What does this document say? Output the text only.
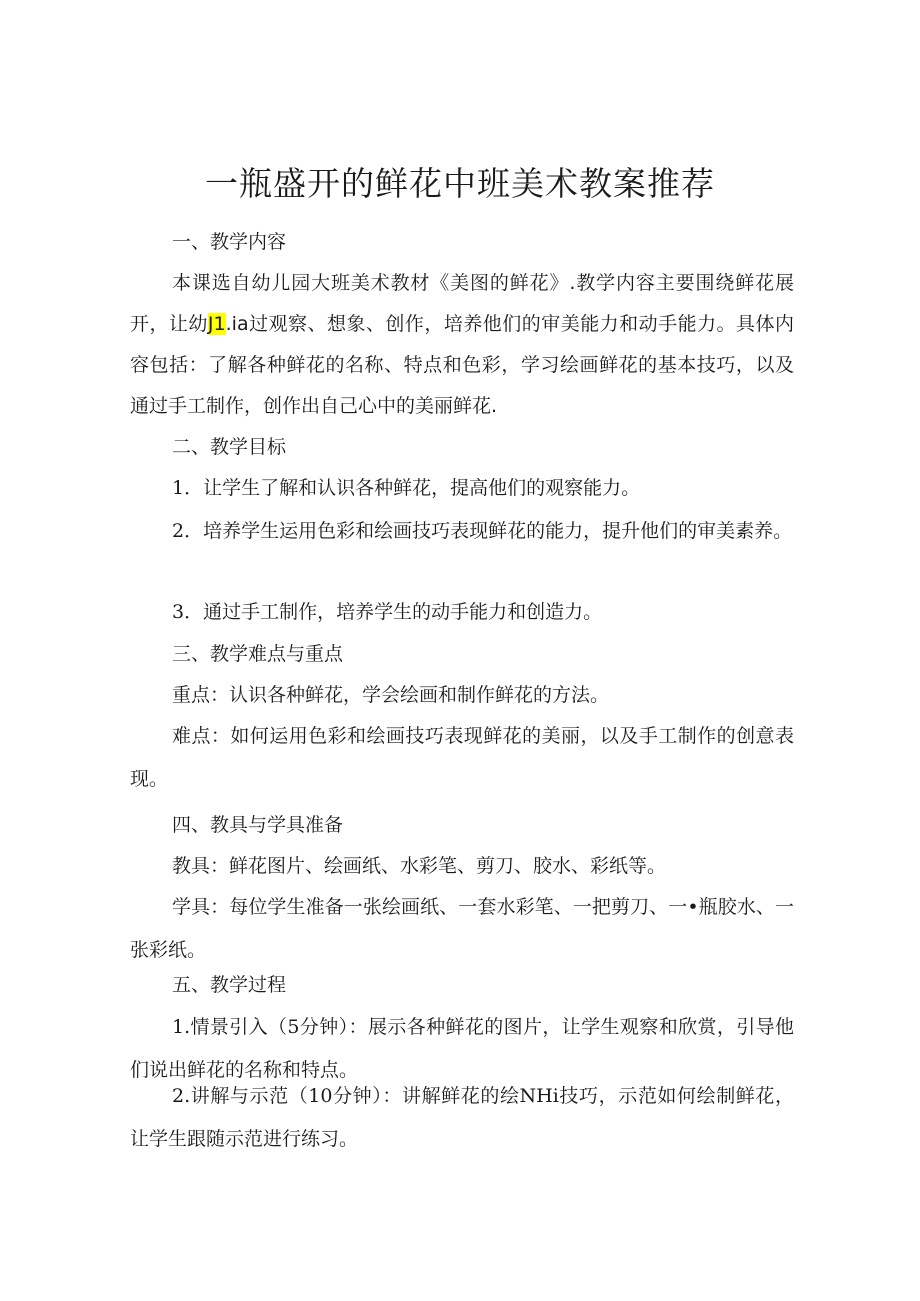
一瓶盛开的鲜花中班美术教案推荐
一、教学内容

本课选自幼儿园大班美术教材《美图的鲜花》.教学内容主要围绕鲜花展开，让幼J1.ia过观察、想象、创作，培养他们的审美能力和动手能力。具体内容包括：了解各种鲜花的名称、特点和色彩，学习绘画鲜花的基本技巧，以及通过手工制作，创作出自己心中的美丽鲜花.

二、教学目标

1．让学生了解和认识各种鲜花，提高他们的观察能力。

2．培养学生运用色彩和绘画技巧表现鲜花的能力，提升他们的审美素养。

3．通过手工制作，培养学生的动手能力和创造力。

三、教学难点与重点

重点：认识各种鲜花，学会绘画和制作鲜花的方法。

难点：如何运用色彩和绘画技巧表现鲜花的美丽，以及手工制作的创意表现。

四、教具与学具准备

教具：鲜花图片、绘画纸、水彩笔、剪刀、胶水、彩纸等。

学具：每位学生准备一张绘画纸、一套水彩笔、一把剪刀、一•瓶胶水、一张彩纸。

五、教学过程

1.情景引入（5分钟）：展示各种鲜花的图片，让学生观察和欣赏，引导他们说出鲜花的名称和特点。

2.讲解与示范（10分钟）：讲解鲜花的绘NHi技巧，示范如何绘制鲜花，让学生跟随示范进行练习。
